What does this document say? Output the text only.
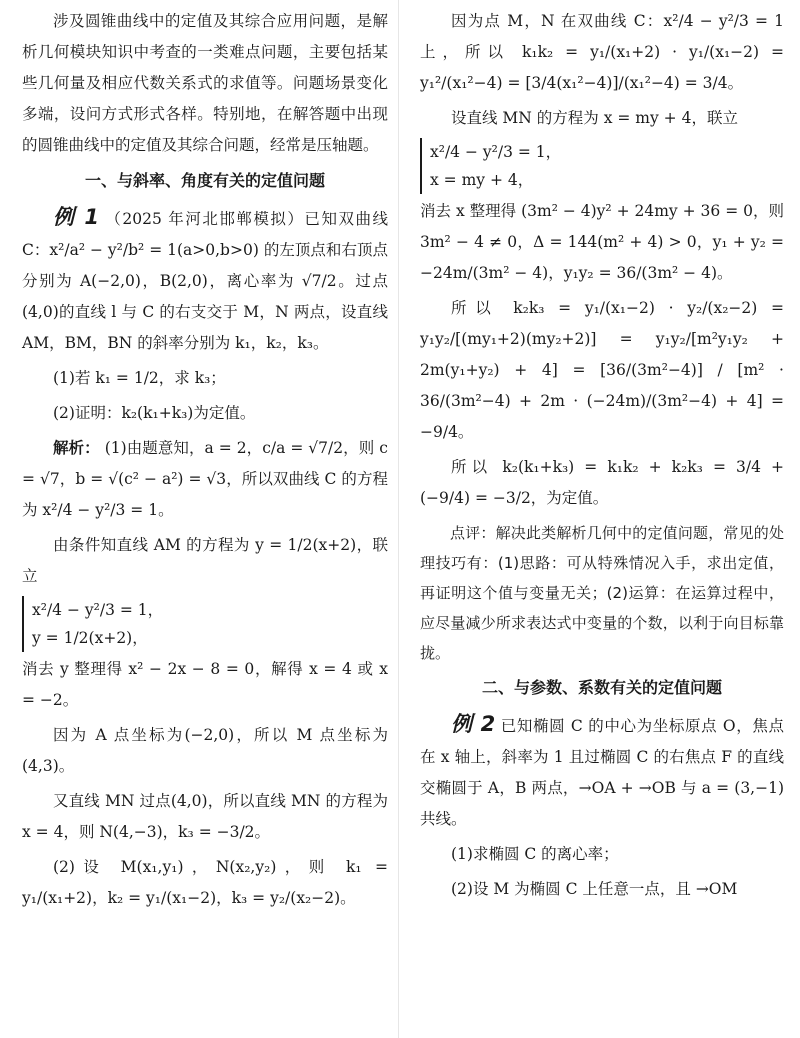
涉及圆锥曲线中的定值及其综合应用问题，是解析几何模块知识中考查的一类难点问题，主要包括某些几何量及相应代数关系式的求值等。问题场景变化多端，设问方式形式各样。特别地，在解答题中出现的圆锥曲线中的定值及其综合问题，经常是压轴题。

一、与斜率、角度有关的定值问题

例 1 （2025 年河北邯郸模拟）已知双曲线 C：x²/a² − y²/b² = 1(a>0,b>0) 的左顶点和右顶点分别为 A(−2,0)，B(2,0)，离心率为 √7/2。过点(4,0)的直线 l 与 C 的右支交于 M，N 两点，设直线 AM，BM，BN 的斜率分别为 k₁，k₂，k₃。

(1)若 k₁ = 1/2，求 k₃；

(2)证明：k₂(k₁+k₃)为定值。

解析： (1)由题意知，a = 2，c/a = √7/2，则 c = √7，b = √(c² − a²) = √3，所以双曲线 C 的方程为 x²/4 − y²/3 = 1。

由条件知直线 AM 的方程为 y = 1/2(x+2)，联立

x²/4 − y²/3 = 1，
y = 1/2(x+2)，

消去 y 整理得 x² − 2x − 8 = 0，解得 x = 4 或 x = −2。

因为 A 点坐标为(−2,0)，所以 M 点坐标为(4,3)。

又直线 MN 过点(4,0)，所以直线 MN 的方程为 x = 4，则 N(4,−3)，k₃ = −3/2。

(2)设 M(x₁,y₁)，N(x₂,y₂)，则 k₁ = y₁/(x₁+2)，k₂ = y₁/(x₁−2)，k₃ = y₂/(x₂−2)。

因为点 M，N 在双曲线 C：x²/4 − y²/3 = 1 上，所以 k₁k₂ = y₁/(x₁+2) · y₁/(x₁−2) = y₁²/(x₁²−4) = [3/4(x₁²−4)]/(x₁²−4) = 3/4。

设直线 MN 的方程为 x = my + 4，联立

x²/4 − y²/3 = 1，
x = my + 4，

消去 x 整理得 (3m² − 4)y² + 24my + 36 = 0，则 3m² − 4 ≠ 0，Δ = 144(m² + 4) > 0，y₁ + y₂ = −24m/(3m² − 4)，y₁y₂ = 36/(3m² − 4)。

所以 k₂k₃ = y₁/(x₁−2) · y₂/(x₂−2) = y₁y₂/[(my₁+2)(my₂+2)] = y₁y₂/[m²y₁y₂ + 2m(y₁+y₂) + 4] = [36/(3m²−4)] / [m² · 36/(3m²−4) + 2m · (−24m)/(3m²−4) + 4] = −9/4。

所以 k₂(k₁+k₃) = k₁k₂ + k₂k₃ = 3/4 + (−9/4) = −3/2，为定值。

点评：解决此类解析几何中的定值问题，常见的处理技巧有：(1)思路：可从特殊情况入手，求出定值，再证明这个值与变量无关；(2)运算：在运算过程中，应尽量减少所求表达式中变量的个数，以利于向目标靠拢。

二、与参数、系数有关的定值问题

例 2 已知椭圆 C 的中心为坐标原点 O，焦点在 x 轴上，斜率为 1 且过椭圆 C 的右焦点 F 的直线交椭圆于 A，B 两点，→OA + →OB 与 a = (3,−1) 共线。

(1)求椭圆 C 的离心率；

(2)设 M 为椭圆 C 上任意一点，且 →OM
